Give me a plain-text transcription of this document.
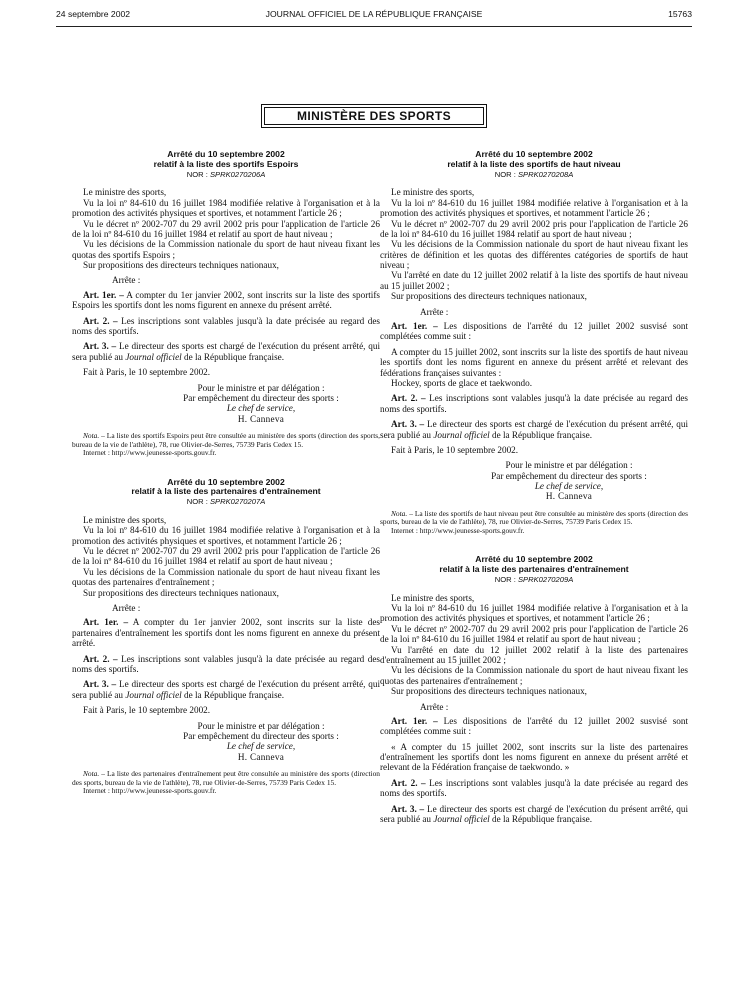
24 septembre 2002	JOURNAL OFFICIEL DE LA RÉPUBLIQUE FRANÇAISE	15763
MINISTÈRE DES SPORTS
Arrêté du 10 septembre 2002
relatif à la liste des sportifs Espoirs
NOR : SPRK0270206A

Le ministre des sports,

Vu la loi nº 84-610 du 16 juillet 1984 modifiée relative à l'organisation et à la promotion des activités physiques et sportives, et notamment l'article 26 ;

Vu le décret nº 2002-707 du 29 avril 2002 pris pour l'application de l'article 26 de la loi nº 84-610 du 16 juillet 1984 et relatif au sport de haut niveau ;

Vu les décisions de la Commission nationale du sport de haut niveau fixant les quotas des sportifs Espoirs ;

Sur propositions des directeurs techniques nationaux,

Arrête :

Art. 1er. – A compter du 1er janvier 2002, sont inscrits sur la liste des sportifs Espoirs les sportifs dont les noms figurent en annexe du présent arrêté.

Art. 2. – Les inscriptions sont valables jusqu'à la date précisée au regard des noms des sportifs.

Art. 3. – Le directeur des sports est chargé de l'exécution du présent arrêté, qui sera publié au Journal officiel de la République française.

Fait à Paris, le 10 septembre 2002.

Pour le ministre et par délégation :
Par empêchement du directeur des sports :
Le chef de service,
H. Canneva

Nota. – La liste des sportifs Espoirs peut être consultée au ministère des sports (direction des sports, bureau de la vie de l'athlète), 78, rue Olivier-de-Serres, 75739 Paris Cedex 15.

Internet : http://www.jeunesse-sports.gouv.fr.

Arrêté du 10 septembre 2002
relatif à la liste des partenaires d'entraînement
NOR : SPRK0270207A

Le ministre des sports,

Vu la loi nº 84-610 du 16 juillet 1984 modifiée relative à l'organisation et à la promotion des activités physiques et sportives, et notamment l'article 26 ;

Vu le décret nº 2002-707 du 29 avril 2002 pris pour l'application de l'article 26 de la loi nº 84-610 du 16 juillet 1984 et relatif au sport de haut niveau ;

Vu les décisions de la Commission nationale du sport de haut niveau fixant les quotas des partenaires d'entraînement ;

Sur propositions des directeurs techniques nationaux,

Arrête :

Art. 1er. – A compter du 1er janvier 2002, sont inscrits sur la liste des partenaires d'entraînement les sportifs dont les noms figurent en annexe du présent arrêté.

Art. 2. – Les inscriptions sont valables jusqu'à la date précisée au regard des noms des sportifs.

Art. 3. – Le directeur des sports est chargé de l'exécution du présent arrêté, qui sera publié au Journal officiel de la République française.

Fait à Paris, le 10 septembre 2002.

Pour le ministre et par délégation :
Par empêchement du directeur des sports :
Le chef de service,
H. Canneva

Nota. – La liste des partenaires d'entraînement peut être consultée au ministère des sports (direction des sports, bureau de la vie de l'athlète), 78, rue Olivier-de-Serres, 75739 Paris Cedex 15.

Internet : http://www.jeunesse-sports.gouv.fr.

Arrêté du 10 septembre 2002
relatif à la liste des sportifs de haut niveau
NOR : SPRK0270208A

Le ministre des sports,

Vu la loi nº 84-610 du 16 juillet 1984 modifiée relative à l'organisation et à la promotion des activités physiques et sportives, et notamment l'article 26 ;

Vu le décret nº 2002-707 du 29 avril 2002 pris pour l'application de l'article 26 de la loi nº 84-610 du 16 juillet 1984 relatif au sport de haut niveau ;

Vu les décisions de la Commission nationale du sport de haut niveau fixant les critères de définition et les quotas des différentes catégories de sportifs de haut niveau ;

Vu l'arrêté en date du 12 juillet 2002 relatif à la liste des sportifs de haut niveau au 15 juillet 2002 ;

Sur propositions des directeurs techniques nationaux,

Arrête :

Art. 1er. – Les dispositions de l'arrêté du 12 juillet 2002 susvisé sont complétées comme suit :

A compter du 15 juillet 2002, sont inscrits sur la liste des sportifs de haut niveau les sportifs dont les noms figurent en annexe du présent arrêté et relevant des fédérations françaises suivantes :

Hockey, sports de glace et taekwondo.

Art. 2. – Les inscriptions sont valables jusqu'à la date précisée au regard des noms des sportifs.

Art. 3. – Le directeur des sports est chargé de l'exécution du présent arrêté, qui sera publié au Journal officiel de la République française.

Fait à Paris, le 10 septembre 2002.

Pour le ministre et par délégation :
Par empêchement du directeur des sports :
Le chef de service,
H. Canneva

Nota. – La liste des sportifs de haut niveau peut être consultée au ministère des sports (direction des sports, bureau de la vie de l'athlète), 78, rue Olivier-de-Serres, 75739 Paris Cedex 15.

Internet : http://www.jeunesse-sports.gouv.fr.

Arrêté du 10 septembre 2002
relatif à la liste des partenaires d'entraînement
NOR : SPRK0270209A

Le ministre des sports,

Vu la loi nº 84-610 du 16 juillet 1984 modifiée relative à l'organisation et à la promotion des activités physiques et sportives, et notamment l'article 26 ;

Vu le décret nº 2002-707 du 29 avril 2002 pris pour l'application de l'article 26 de la loi nº 84-610 du 16 juillet 1984 et relatif au sport de haut niveau ;

Vu l'arrêté en date du 12 juillet 2002 relatif à la liste des partenaires d'entraînement au 15 juillet 2002 ;

Vu les décisions de la Commission nationale du sport de haut niveau fixant les quotas des partenaires d'entraînement ;

Sur propositions des directeurs techniques nationaux,

Arrête :

Art. 1er. – Les dispositions de l'arrêté du 12 juillet 2002 susvisé sont complétées comme suit :

« A compter du 15 juillet 2002, sont inscrits sur la liste des partenaires d'entraînement les sportifs dont les noms figurent en annexe du présent arrêté et relevant de la Fédération française de taekwondo. »

Art. 2. – Les inscriptions sont valables jusqu'à la date précisée au regard des noms des sportifs.

Art. 3. – Le directeur des sports est chargé de l'exécution du présent arrêté, qui sera publié au Journal officiel de la République française.
